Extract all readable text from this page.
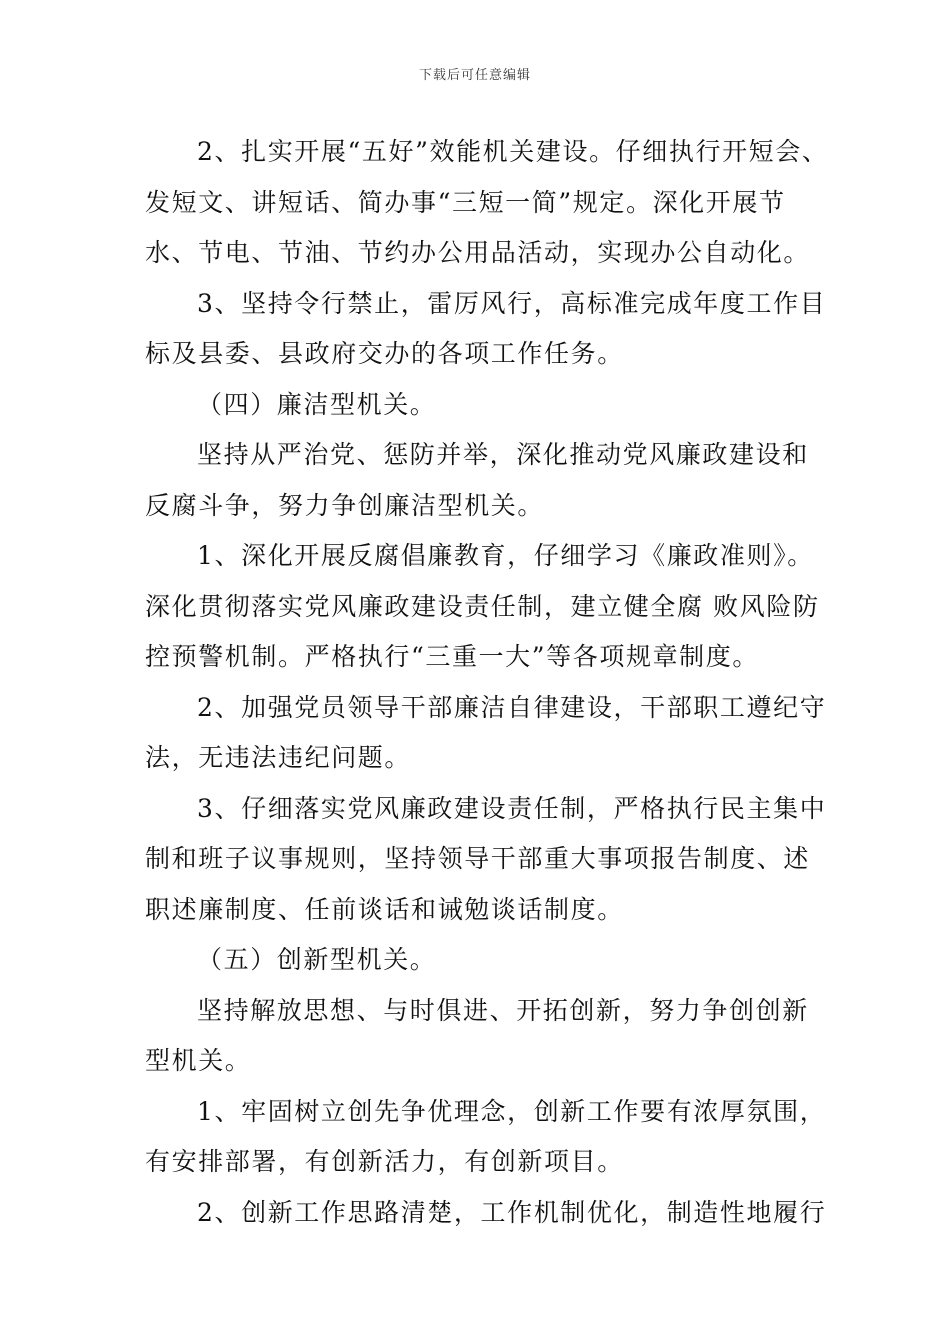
下载后可任意编辑
2、扎实开展“五好”效能机关建设。仔细执行开短会、
发短文、讲短话、简办事“三短一简”规定。深化开展节
水、节电、节油、节约办公用品活动，实现办公自动化。
3、坚持令行禁止，雷厉风行，高标准完成年度工作目
标及县委、县政府交办的各项工作任务。
（四）廉洁型机关。
坚持从严治党、惩防并举，深化推动党风廉政建设和
反腐斗争，努力争创廉洁型机关。
1、深化开展反腐倡廉教育，仔细学习《廉政准则》。
深化贯彻落实党风廉政建设责任制，建立健全腐 败风险防
控预警机制。严格执行“三重一大”等各项规章制度。
2、加强党员领导干部廉洁自律建设，干部职工遵纪守
法，无违法违纪问题。
3、仔细落实党风廉政建设责任制，严格执行民主集中
制和班子议事规则，坚持领导干部重大事项报告制度、述
职述廉制度、任前谈话和诫勉谈话制度。
（五）创新型机关。
坚持解放思想、与时俱进、开拓创新，努力争创创新
型机关。
1、牢固树立创先争优理念，创新工作要有浓厚氛围，
有安排部署，有创新活力，有创新项目。
2、创新工作思路清楚，工作机制优化，制造性地履行
